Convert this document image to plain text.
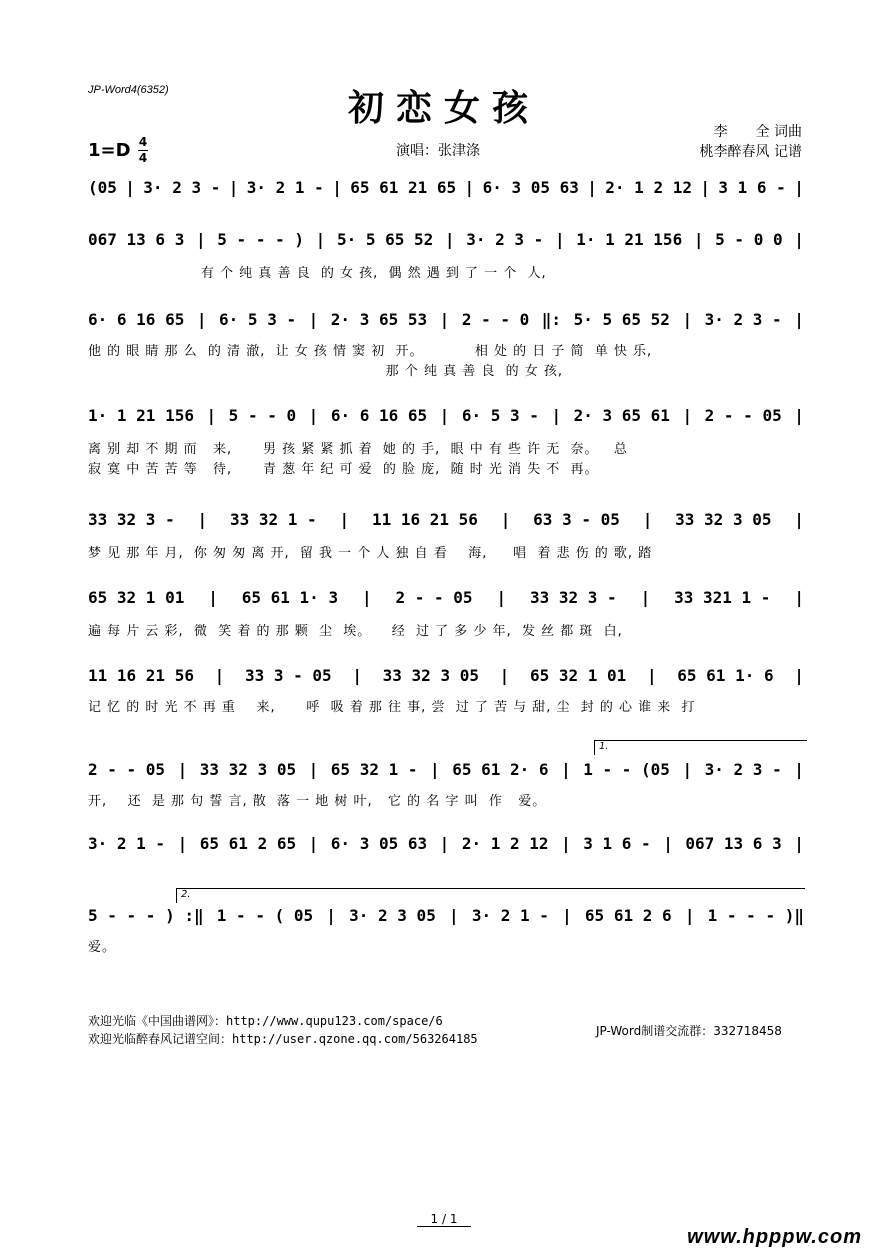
JP-Word4(6352)	初恋女孩
1=D 4
4	演唱：张津涤
李　　全 词曲
桃李醉春风 记谱
(05 | 3· 2 3 - | 3· 2 1 - | 65 61 21 65 | 6· 3 05 63 | 2· 1 2 12 | 3 1 6 - |
067 13 6 3 | 5 - - - ) | 5· 5 65 52 | 3· 2 3 - | 1· 1 21 156 | 5 - 0 0 |
6· 6 16 65 | 6· 5 3 - | 2· 3 65 53 | 2 - - 0 ‖: 5· 5 65 52 | 3· 2 3 - |
1· 1 21 156 | 5 - - 0 | 6· 6 16 65 | 6· 5 3 - | 2· 3 65 61 | 2 - - 05 |
33 32 3 - | 33 32 1 - | 11 16 21 56 | 63 3 - 05 | 33 32 3 05 |
65 32 1 01 | 65 61 1· 3 | 2 - - 05 | 33 32 3 - | 33 321 1 - |
11 16 21 56 | 33 3 - 05 | 33 32 3 05 | 65 32 1 01 | 65 61 1· 6 |
2 - - 05 | 33 32 3 05 | 65 32 1 - | 65 61 2· 6 | 1 - - (05 | 3· 2 3 - |
3· 2 1 - | 65 61 2 65 | 6· 3 05 63 | 2· 1 2 12 | 3 1 6 - | 067 13 6 3 |
5 - - - ) :‖ 1 - - ( 05 | 3· 2 3 05 | 3· 2 1 - | 65 61 2 6 | 1 - - - )‖
1.
2.
有 个 纯 真 善 良  的 女 孩,  偶 然 遇 到 了 一 个  人,
他 的 眼 睛 那 么  的 清 澈,  让 女 孩 情 窦 初  开。          相 处 的 日 子 简  单 快 乐,
那 个 纯 真 善 良  的 女 孩,
离 别 却 不 期 而   来,      男 孩 紧 紧 抓 着  她 的 手,  眼 中 有 些 许 无  奈。   总
寂 寞 中 苦 苦 等   待,      青 葱 年 纪 可 爱  的 脸 庞,  随 时 光 消 失 不  再。
梦 见 那 年 月,  你 匆 匆 离 开,  留 我 一 个 人 独 自 看    海,     唱  着 悲 伤 的 歌, 踏
遍 每 片 云 彩,  微  笑 着 的 那 颗  尘  埃。    经  过 了 多 少 年,  发 丝 都 斑  白,
记 忆 的 时 光 不 再 重    来,      呼  吸 着 那 往 事, 尝  过 了 苦 与 甜, 尘  封 的 心 谁 来  打
开,    还  是 那 句 誓 言, 散  落 一 地 树 叶,   它 的 名 字 叫  作   爱。
爱。
欢迎光临《中国曲谱网》：http://www.qupu123.com/space/6
欢迎光临醉春风记谱空间：http://user.qzone.qq.com/563264185
JP-Word制谱交流群：332718458
1 / 1
www.hpppw.com
